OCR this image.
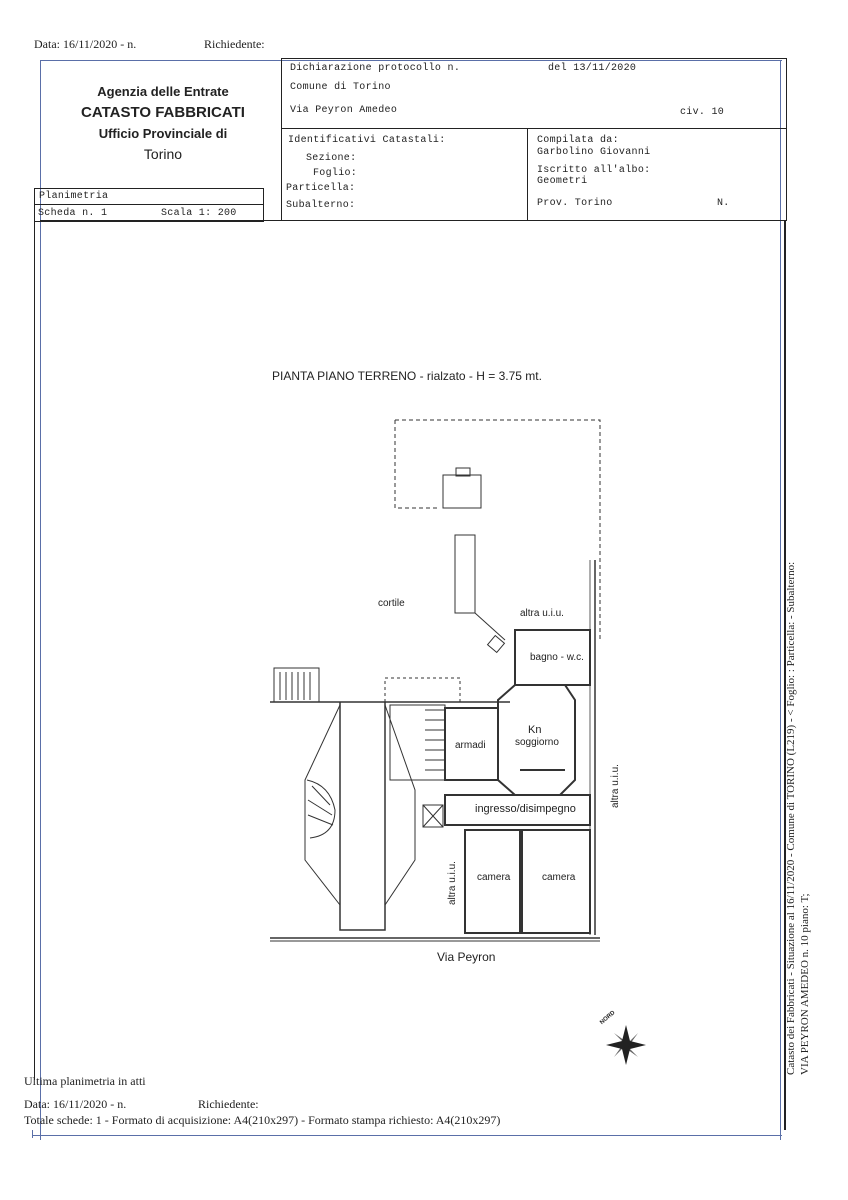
Data: 16/11/2020 - n.	Richiedente:
Agenzia delle Entrate
CATASTO FABBRICATI
Ufficio Provinciale di
Torino
Dichiarazione protocollo n.	del 13/11/2020
Comune di Torino
Via Peyron Amedeo	civ. 10
Identificativi Catastali:
Sezione:
Foglio:
Particella:
Subalterno:
Compilata da:
Garbolino Giovanni
Iscritto all'albo:
Geometri
Prov. Torino	N.
Planimetria
Scheda n. 1	Scala 1: 200
PIANTA PIANO TERRENO - rialzato - H = 3.75 mt.
cortile
altra u.i.u.
bagno - w.c.
armadi
Kn
soggiorno
ingresso/disimpegno
camera	camera
altra u.i.u.
altra u.i.u.
Via Peyron
NORD	Catasto dei Fabbricati - Situazione al 16/11/2020 - Comune di TORINO (L219) - < Foglio: : Particella: - Subalterno: VIA PEYRON AMEDEO n. 10 piano: T;
Ultima planimetria in atti
Data: 16/11/2020 - n.	Richiedente:
Totale schede: 1 - Formato di acquisizione: A4(210x297) - Formato stampa richiesto: A4(210x297)
